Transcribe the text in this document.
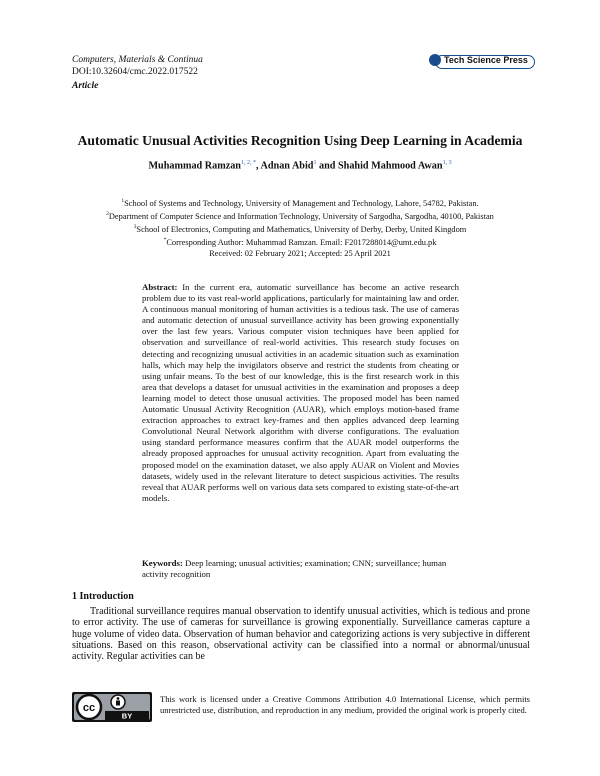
Computers, Materials & Continua
DOI:10.32604/cmc.2022.017522
Article
Tech Science Press
Automatic Unusual Activities Recognition Using Deep Learning in Academia
Muhammad Ramzan$^{1, 2, *}$, Adnan Abid$^1$ and Shahid Mahmood Awan$^{1, 3}$
$^1$School of Systems and Technology, University of Management and Technology, Lahore, 54782, Pakistan.
$^2$Department of Computer Science and Information Technology, University of Sargodha, Sargodha, 40100, Pakistan
$^3$School of Electronics, Computing and Mathematics, University of Derby, Derby, United Kingdom
*Corresponding Author: Muhammad Ramzan. Email: F2017288014@umt.edu.pk
Received: 02 February 2021; Accepted: 25 April 2021
Abstract: In the current era, automatic surveillance has become an active research problem due to its vast real-world applications, particularly for maintaining law and order. A continuous manual monitoring of human activities is a tedious task. The use of cameras and automatic detection of unusual surveillance activity has been growing exponentially over the last few years. Various computer vision techniques have been applied for observation and surveillance of real-world activities. This research study focuses on detecting and recognizing unusual activities in an academic situation such as examination halls, which may help the invigilators observe and restrict the students from cheating or using unfair means. To the best of our knowledge, this is the first research work in this area that develops a dataset for unusual activities in the examination and proposes a deep learning model to detect those unusual activities. The proposed model has been named Automatic Unusual Activity Recognition (AUAR), which employs motion-based frame extraction approaches to extract key-frames and then applies advanced deep learning Convolutional Neural Network algorithm with diverse configurations. The evaluation using standard performance measures confirm that the AUAR model outperforms the already proposed approaches for unusual activity recognition. Apart from evaluating the proposed model on the examination dataset, we also apply AUAR on Violent and Movies datasets, widely used in the relevant literature to detect suspicious activities. The results reveal that AUAR performs well on various data sets compared to existing state-of-the-art models.
Keywords: Deep learning; unusual activities; examination; CNN; surveillance; human activity recognition
1 Introduction
Traditional surveillance requires manual observation to identify unusual activities, which is tedious and prone to error activity. The use of cameras for surveillance is growing exponentially. Surveillance cameras capture a huge volume of video data. Observation of human behavior and categorizing actions is very subjective in different situations. Based on this reason, observational activity can be classified into a normal or abnormal/unusual activity. Regular activities can be
cc
BY
This work is licensed under a Creative Commons Attribution 4.0 International License, which permits unrestricted use, distribution, and reproduction in any medium, provided the original work is properly cited.
